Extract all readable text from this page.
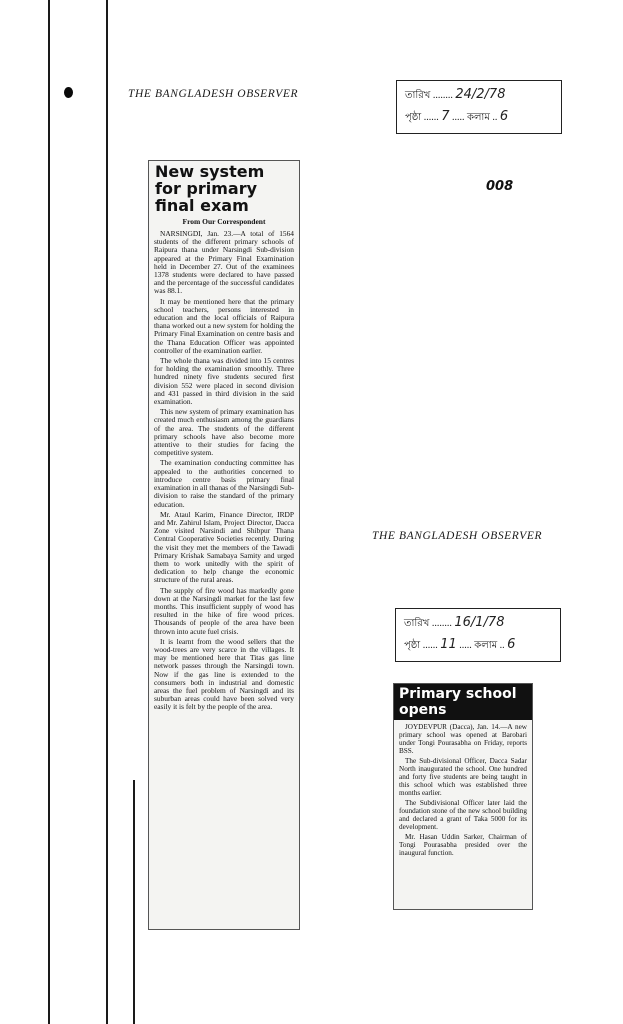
THE BANGLADESH OBSERVER	তারিখ ........ 24/2/78
পৃষ্ঠা ...... 7 ..... কলাম .. 6
008
New system for primary final exam
From Our Correspondent

NARSINGDI, Jan. 23.—A total of 1564 students of the different primary schools of Raipura thana under Narsingdi Sub-division appeared at the Primary Final Examination held in December 27. Out of the examinees 1378 students were declared to have passed and the percentage of the successful candidates was 88.1.

It may be mentioned here that the primary school teachers, persons interested in education and the local officials of Raipura thana worked out a new system for holding the Primary Final Examination on centre basis and the Thana Education Officer was appointed controller of the examination earlier.

The whole thana was divided into 15 centres for holding the examination smoothly. Three hundred ninety five students secured first division 552 were placed in second division and 431 passed in third division in the said examination.

This new system of primary examination has created much enthusiasm among the guardians of the area. The students of the different primary schools have also become more attentive to their studies for facing the competitive system.

The examination conducting committee has appealed to the authorities concerned to introduce centre basis primary final examination in all thanas of the Narsingdi Sub-division to raise the standard of the primary education.

Mr. Ataul Karim, Finance Director, IRDP and Mr. Zahirul Islam, Project Director, Dacca Zone visited Narsindi and Shibpur Thana Central Cooperative Societies recently. During the visit they met the members of the Tawadi Primary Krishak Samabaya Samity and urged them to work unitedly with the spirit of dedication to help change the economic structure of the rural areas.

The supply of fire wood has markedly gone down at the Narsingdi market for the last few months. This insufficient supply of wood has resulted in the hike of fire wood prices. Thousands of people of the area have been thrown into acute fuel crisis.

It is learnt from the wood sellers that the wood-trees are very scarce in the villages. It may be mentioned here that Titas gas line network passes through the Narsingdi town. Now if the gas line is extended to the consumers both in industrial and domestic areas the fuel problem of Narsingdi and its suburban areas could have been solved very easily it is felt by the people of the area.

THE BANGLADESH OBSERVER
তারিখ ........ 16/1/78
পৃষ্ঠা ...... 11 ..... কলাম .. 6
Primary school opens

JOYDEVPUR (Dacca), Jan. 14.—A new primary school was opened at Barobari under Tongi Pourasabha on Friday, reports BSS.

The Sub-divisional Officer, Dacca Sadar North inaugurated the school. One hundred and forty five students are being taught in this school which was established three months earlier.

The Subdivisional Officer later laid the foundation stone of the new school building and declared a grant of Taka 5000 for its development.

Mr. Hasan Uddin Sarker, Chairman of Tongi Pourasabha presided over the inaugural function.
